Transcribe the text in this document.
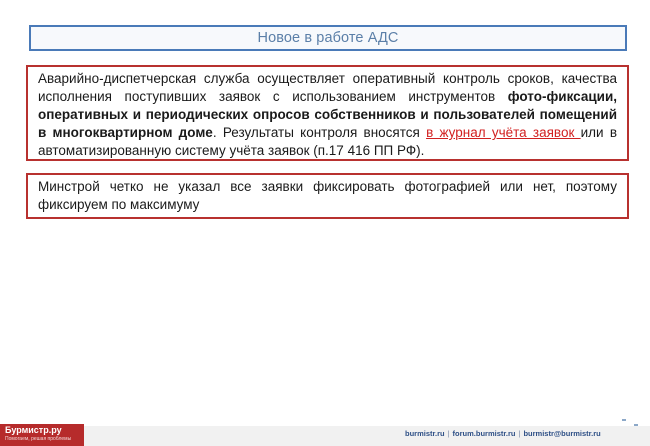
Новое в работе АДС
Аварийно-диспетчерская служба осуществляет оперативный контроль сроков, качества исполнения поступивших заявок с использованием инструментов фото-фиксации, оперативных и периодических опросов собственников и пользователей помещений в многоквартирном доме. Результаты контроля вносятся в журнал учёта заявок или в автоматизированную систему учёта заявок (п.17 416 ПП РФ).
Минстрой четко не указал все заявки фиксировать фотографией или нет, поэтому фиксируем по максимуму
Бурмистр.ру
Помогаем, решая проблемы
burmistr.ru | forum.burmistr.ru | burmistr@burmistr.ru
